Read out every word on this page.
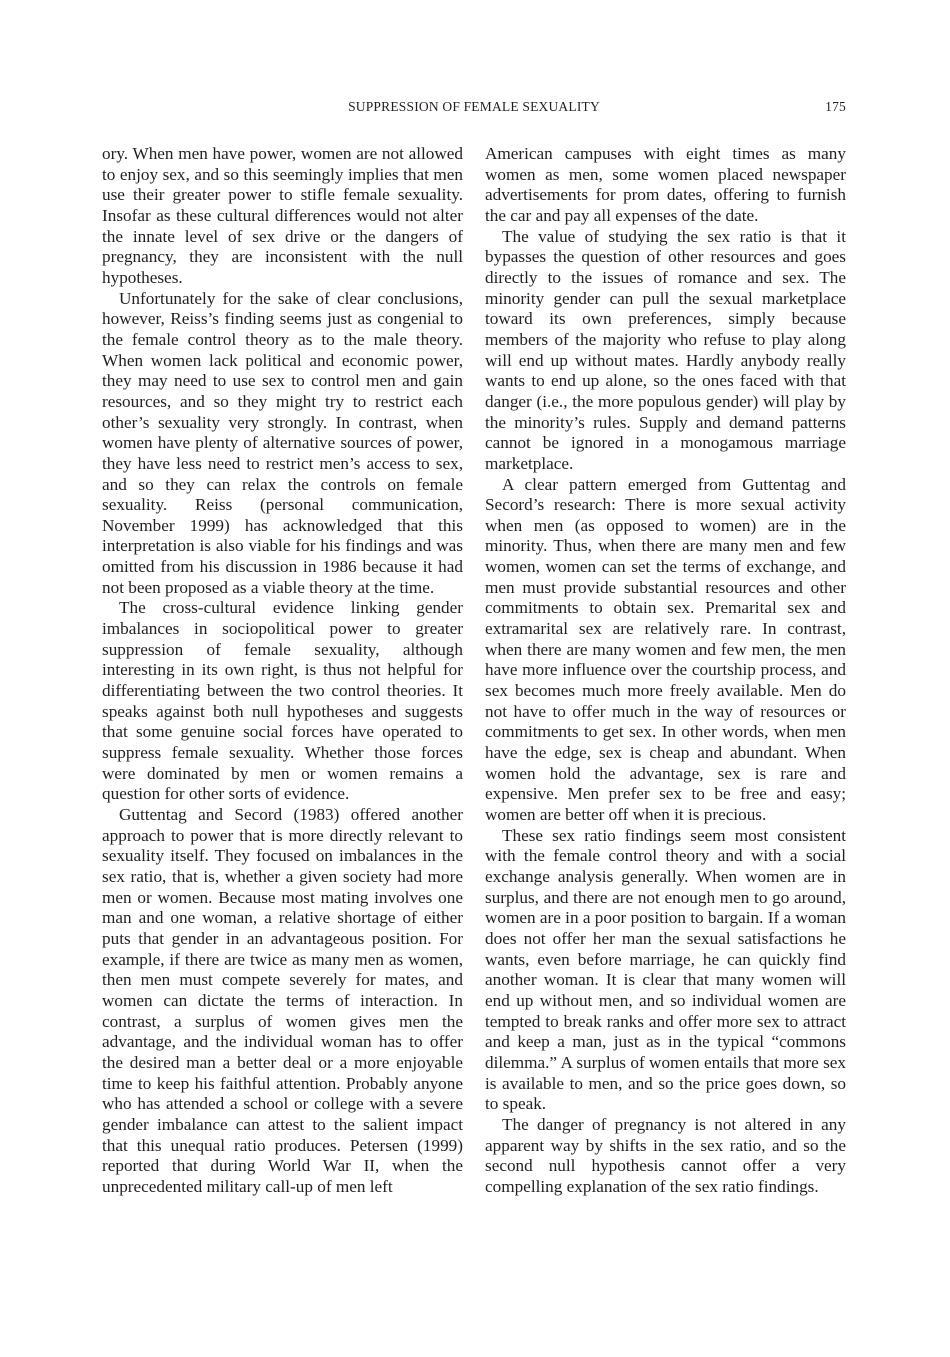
SUPPRESSION OF FEMALE SEXUALITY	175

ory. When men have power, women are not allowed to enjoy sex, and so this seemingly implies that men use their greater power to stifle female sexuality. Insofar as these cultural differences would not alter the innate level of sex drive or the dangers of pregnancy, they are inconsistent with the null hypotheses.

Unfortunately for the sake of clear conclusions, however, Reiss’s finding seems just as congenial to the female control theory as to the male theory. When women lack political and economic power, they may need to use sex to control men and gain resources, and so they might try to restrict each other’s sexuality very strongly. In contrast, when women have plenty of alternative sources of power, they have less need to restrict men’s access to sex, and so they can relax the controls on female sexuality. Reiss (personal communication, November 1999) has acknowledged that this interpretation is also viable for his findings and was omitted from his discussion in 1986 because it had not been proposed as a viable theory at the time.

The cross-cultural evidence linking gender imbalances in sociopolitical power to greater suppression of female sexuality, although interesting in its own right, is thus not helpful for differentiating between the two control theories. It speaks against both null hypotheses and suggests that some genuine social forces have operated to suppress female sexuality. Whether those forces were dominated by men or women remains a question for other sorts of evidence.

Guttentag and Secord (1983) offered another approach to power that is more directly relevant to sexuality itself. They focused on imbalances in the sex ratio, that is, whether a given society had more men or women. Because most mating involves one man and one woman, a relative shortage of either puts that gender in an advantageous position. For example, if there are twice as many men as women, then men must compete severely for mates, and women can dictate the terms of interaction. In contrast, a surplus of women gives men the advantage, and the individual woman has to offer the desired man a better deal or a more enjoyable time to keep his faithful attention. Probably anyone who has attended a school or college with a severe gender imbalance can attest to the salient impact that this unequal ratio produces. Petersen (1999) reported that during World War II, when the unprecedented military call-up of men left

American campuses with eight times as many women as men, some women placed newspaper advertisements for prom dates, offering to furnish the car and pay all expenses of the date.

The value of studying the sex ratio is that it bypasses the question of other resources and goes directly to the issues of romance and sex. The minority gender can pull the sexual marketplace toward its own preferences, simply because members of the majority who refuse to play along will end up without mates. Hardly anybody really wants to end up alone, so the ones faced with that danger (i.e., the more populous gender) will play by the minority’s rules. Supply and demand patterns cannot be ignored in a monogamous marriage marketplace.

A clear pattern emerged from Guttentag and Secord’s research: There is more sexual activity when men (as opposed to women) are in the minority. Thus, when there are many men and few women, women can set the terms of exchange, and men must provide substantial resources and other commitments to obtain sex. Premarital sex and extramarital sex are relatively rare. In contrast, when there are many women and few men, the men have more influence over the courtship process, and sex becomes much more freely available. Men do not have to offer much in the way of resources or commitments to get sex. In other words, when men have the edge, sex is cheap and abundant. When women hold the advantage, sex is rare and expensive. Men prefer sex to be free and easy; women are better off when it is precious.

These sex ratio findings seem most consistent with the female control theory and with a social exchange analysis generally. When women are in surplus, and there are not enough men to go around, women are in a poor position to bargain. If a woman does not offer her man the sexual satisfactions he wants, even before marriage, he can quickly find another woman. It is clear that many women will end up without men, and so individual women are tempted to break ranks and offer more sex to attract and keep a man, just as in the typical “commons dilemma.” A surplus of women entails that more sex is available to men, and so the price goes down, so to speak.

The danger of pregnancy is not altered in any apparent way by shifts in the sex ratio, and so the second null hypothesis cannot offer a very compelling explanation of the sex ratio findings.
